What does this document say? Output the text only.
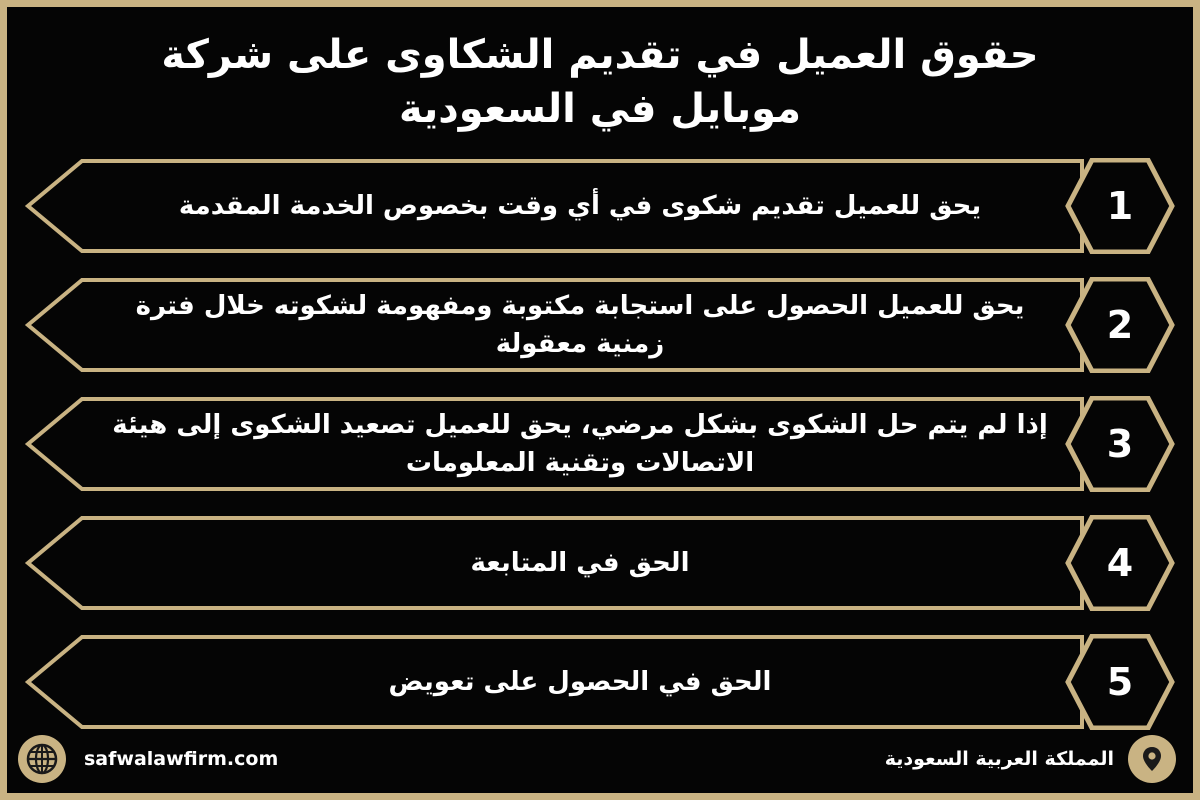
حقوق العميل في تقديم الشكاوى على شركة موبايل في السعودية
يحق للعميل تقديم شكوى في أي وقت بخصوص الخدمة المقدمة	1
يحق للعميل الحصول على استجابة مكتوبة ومفهومة لشكوته خلال فترة زمنية معقولة	2
إذا لم يتم حل الشكوى بشكل مرضي، يحق للعميل تصعيد الشكوى إلى هيئة الاتصالات وتقنية المعلومات	3
الحق في المتابعة	4
الحق في الحصول على تعويض	5
safwalawfirm.com	المملكة العربية السعودية
